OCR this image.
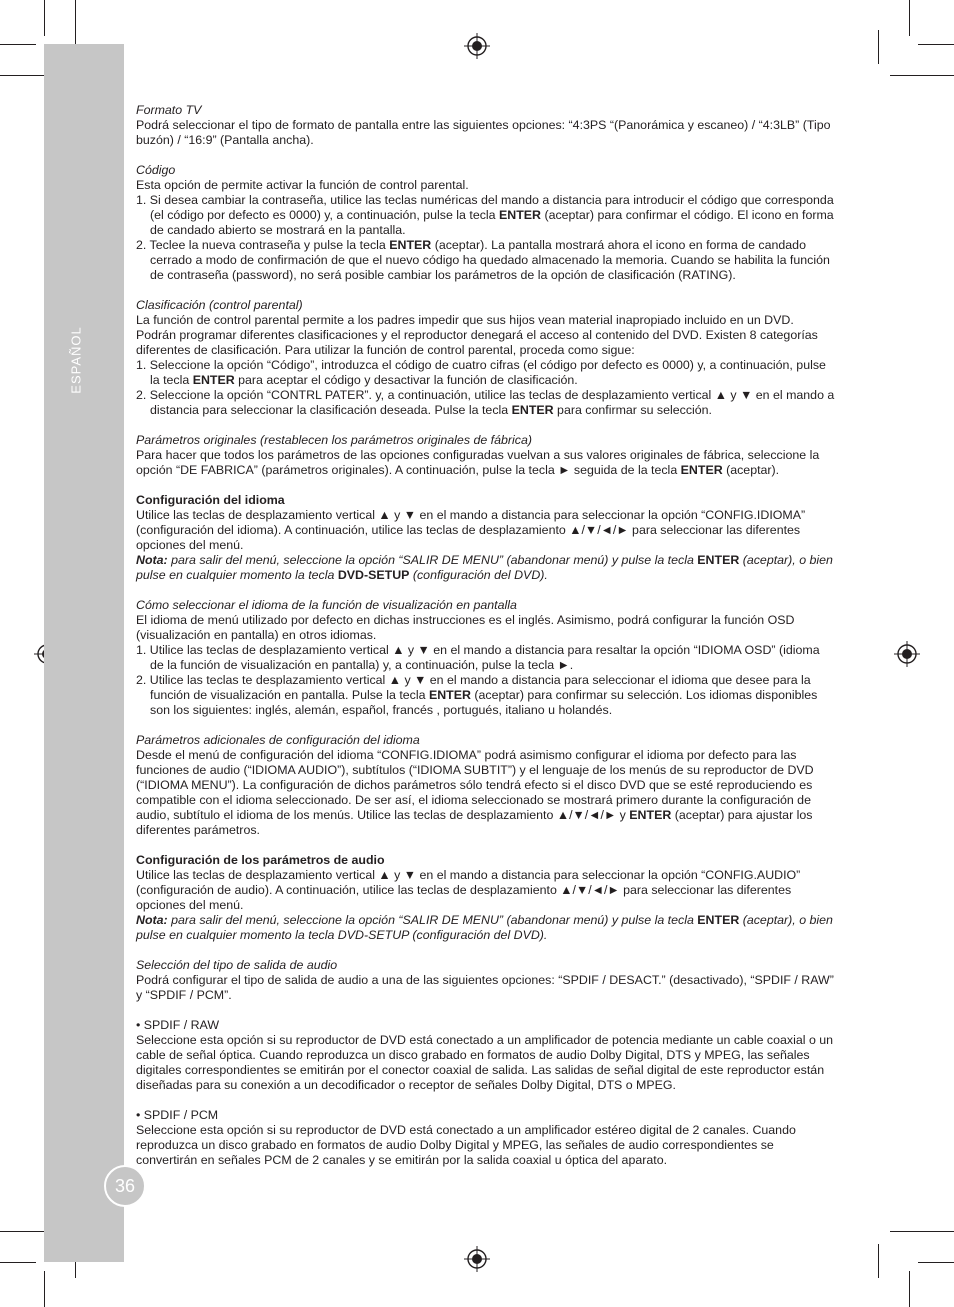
ESPAÑOL
36

Formato TV

Podrá seleccionar el tipo de formato de pantalla entre las siguientes opciones: “4:3PS “(Panorámica y escaneo) / “4:3LB” (Tipo buzón) / “16:9” (Pantalla ancha).

Código

Esta opción de permite activar la función de control parental.

1. Si desea cambiar la contraseña, utilice las teclas numéricas del mando a distancia para introducir el código que corresponda (el código por defecto es 0000) y, a continuación, pulse la tecla ENTER (aceptar) para confirmar el código. El icono en forma de candado abierto se mostrará en la pantalla.

2. Teclee la nueva contraseña y pulse la tecla ENTER (aceptar). La pantalla mostrará ahora el icono en forma de candado cerrado a modo de confirmación de que el nuevo código ha quedado almacenado la memoria. Cuando se habilita la función de contraseña (password), no será posible cambiar los parámetros de la opción de clasificación (RATING).

Clasificación (control parental)

La función de control parental permite a los padres impedir que sus hijos vean material inapropiado incluido en un DVD. Podrán programar diferentes clasificaciones y el reproductor denegará el acceso al contenido del DVD. Existen 8 categorías diferentes de clasificación. Para utilizar la función de control parental, proceda como sigue:

1. Seleccione la opción “Código”, introduzca el código de cuatro cifras (el código por defecto es 0000) y, a continuación, pulse la tecla ENTER para aceptar el código y desactivar la función de clasificación.

2. Seleccione la opción “CONTRL PATER”. y, a continuación, utilice las teclas de desplazamiento vertical ▲ y ▼ en el mando a distancia para seleccionar la clasificación deseada. Pulse la tecla ENTER para confirmar su selección.

Parámetros originales (restablecen los parámetros originales de fábrica)

Para hacer que todos los parámetros de las opciones configuradas vuelvan a sus valores originales de fábrica, seleccione la opción “DE FABRICA” (parámetros originales). A continuación, pulse la tecla ► seguida de la tecla ENTER (aceptar).

Configuración del idioma

Utilice las teclas de desplazamiento vertical ▲ y ▼ en el mando a distancia para seleccionar la opción “CONFIG.IDIOMA” (configuración del idioma). A continuación, utilice las teclas de desplazamiento ▲/▼/◄/► para seleccionar las diferentes opciones del menú.

Nota: para salir del menú, seleccione la opción “SALIR DE MENU” (abandonar menú) y pulse la tecla ENTER (aceptar), o bien pulse en cualquier momento la tecla DVD-SETUP (configuración del DVD).

Cómo seleccionar el idioma de la función de visualización en pantalla

El idioma de menú utilizado por defecto en dichas instrucciones es el inglés. Asimismo, podrá configurar la función OSD (visualización en pantalla) en otros idiomas.

1. Utilice las teclas de desplazamiento vertical ▲ y ▼ en el mando a distancia para resaltar la opción “IDIOMA OSD” (idioma de la función de visualización en pantalla) y, a continuación, pulse la tecla ►.

2. Utilice las teclas te desplazamiento vertical ▲ y ▼ en el mando a distancia para seleccionar el idioma que desee para la función de visualización en pantalla. Pulse la tecla ENTER (aceptar) para confirmar su selección. Los idiomas disponibles son los siguientes: inglés, alemán, español, francés , portugués, italiano u holandés.

Parámetros adicionales de configuración del idioma

Desde el menú de configuración del idioma “CONFIG.IDIOMA” podrá asimismo configurar el idioma por defecto para las funciones de audio (“IDIOMA AUDIO”), subtítulos (“IDIOMA SUBTIT”) y el lenguaje de los menús de su reproductor de DVD (“IDIOMA MENU”). La configuración de dichos parámetros sólo tendrá efecto si el disco DVD que se esté reproduciendo es compatible con el idioma seleccionado. De ser así, el idioma seleccionado se mostrará primero durante la configuración de audio, subtítulo el idioma de los menús. Utilice las teclas de desplazamiento ▲/▼/◄/► y ENTER (aceptar) para ajustar los diferentes parámetros.

Configuración de los parámetros de audio

Utilice las teclas de desplazamiento vertical ▲ y ▼ en el mando a distancia para seleccionar la opción “CONFIG.AUDIO” (configuración de audio). A continuación, utilice las teclas de desplazamiento ▲/▼/◄/► para seleccionar las diferentes opciones del menú.

Nota: para salir del menú, seleccione la opción “SALIR DE MENU” (abandonar menú) y pulse la tecla ENTER (aceptar), o bien pulse en cualquier momento la tecla DVD-SETUP (configuración del DVD).

Selección del tipo de salida de audio

Podrá configurar el tipo de salida de audio a una de las siguientes opciones: “SPDIF / DESACT.” (desactivado), “SPDIF / RAW” y “SPDIF / PCM”.

• SPDIF / RAW

Seleccione esta opción si su reproductor de DVD está conectado a un amplificador de potencia mediante un cable coaxial o un cable de señal óptica. Cuando reproduzca un disco grabado en formatos de audio Dolby Digital, DTS y MPEG, las señales digitales correspondientes se emitirán por el conector coaxial de salida. Las salidas de señal digital de este reproductor están diseñadas para su conexión a un decodificador o receptor de señales Dolby Digital, DTS o MPEG.

• SPDIF / PCM

Seleccione esta opción si su reproductor de DVD está conectado a un amplificador estéreo digital de 2 canales. Cuando reproduzca un disco grabado en formatos de audio Dolby Digital y MPEG, las señales de audio correspondientes se convertirán en señales PCM de 2 canales y se emitirán por la salida coaxial u óptica del aparato.
